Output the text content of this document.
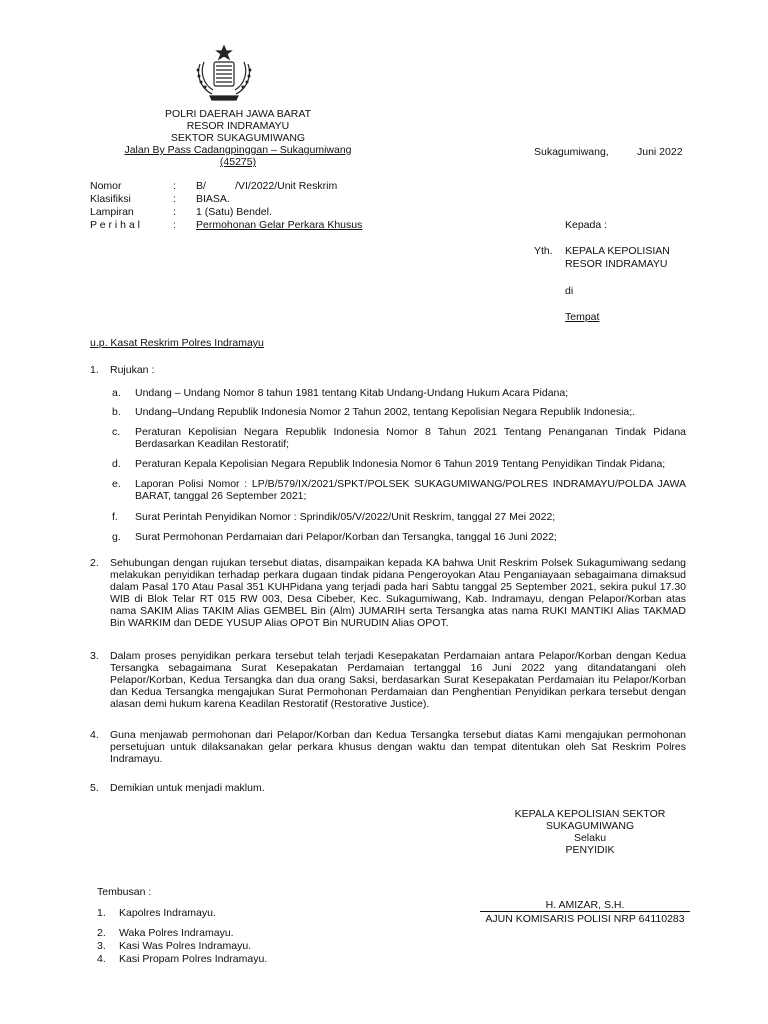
POLRI DAERAH JAWA BARAT
RESOR INDRAMAYU
SEKTOR SUKAGUMIWANG
Jalan By Pass Cadangpinggan – Sukagumiwang
(45275)
Sukagumiwang,	Juni 2022
Nomor	: B/          /VI/2022/Unit Reskrim
Klasifiksi	: BIASA.
Lampiran	: 1 (Satu) Bendel.
P e r i h a l	: Permohonan Gelar Perkara Khusus	Kepada :
Yth. KEPALA KEPOLISIAN
RESOR INDRAMAYU
di
Tempat
u.p. Kasat Reskrim Polres Indramayu
1. Rujukan :
a. Undang – Undang Nomor 8 tahun 1981 tentang Kitab Undang-Undang Hukum Acara Pidana;
b. Undang–Undang Republik Indonesia Nomor 2 Tahun 2002, tentang Kepolisian Negara Republik Indonesia;.
c. Peraturan Kepolisian Negara Republik Indonesia Nomor 8 Tahun 2021 Tentang Penanganan Tindak Pidana Berdasarkan Keadilan Restoratif;
d. Peraturan Kepala Kepolisian Negara Republik Indonesia Nomor 6 Tahun 2019 Tentang Penyidikan Tindak Pidana;
e. Laporan Polisi Nomor : LP/B/579/IX/2021/SPKT/POLSEK SUKAGUMIWANG/POLRES INDRAMAYU/POLDA JAWA BARAT, tanggal 26 September 2021;
f. Surat Perintah Penyidikan Nomor : Sprindik/05/V/2022/Unit Reskrim, tanggal 27 Mei 2022;
g. Surat Permohonan Perdamaian dari Pelapor/Korban dan Tersangka, tanggal 16 Juni 2022;
2. Sehubungan dengan rujukan tersebut diatas, disampaikan kepada KA bahwa Unit Reskrim Polsek Sukagumiwang sedang melakukan penyidikan terhadap perkara dugaan tindak pidana Pengeroyokan Atau Penganiayaan sebagaimana dimaksud dalam Pasal 170 Atau Pasal 351 KUHPidana yang terjadi pada hari Sabtu tanggal 25 September 2021, sekira pukul 17.30 WIB di Blok Telar RT 015 RW 003, Desa Cibeber, Kec. Sukagumiwang, Kab. Indramayu, dengan Pelapor/Korban atas nama SAKIM Alias TAKIM Alias GEMBEL Bin (Alm) JUMARIH serta Tersangka atas nama RUKI MANTIKI Alias TAKMAD Bin WARKIM dan DEDE YUSUP Alias OPOT Bin NURUDIN Alias OPOT.
3. Dalam proses penyidikan perkara tersebut telah terjadi Kesepakatan Perdamaian antara Pelapor/Korban dengan Kedua Tersangka sebagaimana Surat Kesepakatan Perdamaian tertanggal 16 Juni 2022 yang ditandatangani oleh Pelapor/Korban, Kedua Tersangka dan dua orang Saksi, berdasarkan Surat Kesepakatan Perdamaian itu Pelapor/Korban dan Kedua Tersangka mengajukan Surat Permohonan Perdamaian dan Penghentian Penyidikan perkara tersebut dengan alasan demi hukum karena Keadilan Restoratif (Restorative Justice).
4. Guna menjawab permohonan dari Pelapor/Korban dan Kedua Tersangka tersebut diatas Kami mengajukan permohonan persetujuan untuk dilaksanakan gelar perkara khusus dengan waktu dan tempat ditentukan oleh Sat Reskrim Polres Indramayu.
5. Demikian untuk menjadi maklum.
KEPALA KEPOLISIAN SEKTOR
SUKAGUMIWANG
Selaku
PENYIDIK
H. AMIZAR, S.H.
AJUN KOMISARIS POLISI NRP 64110283
Tembusan :
1. Kapolres Indramayu.
2. Waka Polres Indramayu.
3. Kasi Was Polres Indramayu.
4. Kasi Propam Polres Indramayu.
